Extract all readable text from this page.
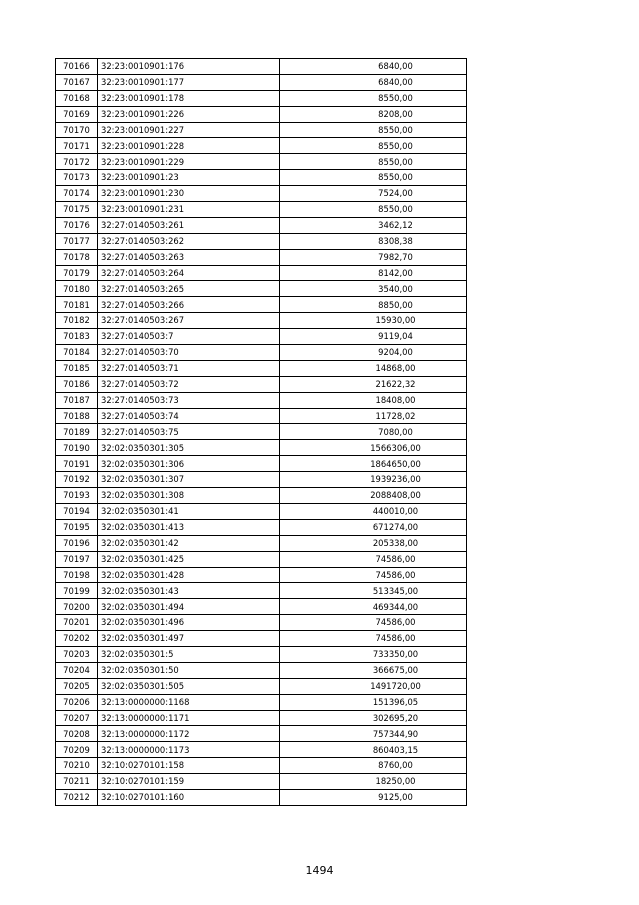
70166	32:23:0010901:176	6840,00
70167	32:23:0010901:177	6840,00
70168	32:23:0010901:178	8550,00
70169	32:23:0010901:226	8208,00
70170	32:23:0010901:227	8550,00
70171	32:23:0010901:228	8550,00
70172	32:23:0010901:229	8550,00
70173	32:23:0010901:23	8550,00
70174	32:23:0010901:230	7524,00
70175	32:23:0010901:231	8550,00
70176	32:27:0140503:261	3462,12
70177	32:27:0140503:262	8308,38
70178	32:27:0140503:263	7982,70
70179	32:27:0140503:264	8142,00
70180	32:27:0140503:265	3540,00
70181	32:27:0140503:266	8850,00
70182	32:27:0140503:267	15930,00
70183	32:27:0140503:7	9119,04
70184	32:27:0140503:70	9204,00
70185	32:27:0140503:71	14868,00
70186	32:27:0140503:72	21622,32
70187	32:27:0140503:73	18408,00
70188	32:27:0140503:74	11728,02
70189	32:27:0140503:75	7080,00
70190	32:02:0350301:305	1566306,00
70191	32:02:0350301:306	1864650,00
70192	32:02:0350301:307	1939236,00
70193	32:02:0350301:308	2088408,00
70194	32:02:0350301:41	440010,00
70195	32:02:0350301:413	671274,00
70196	32:02:0350301:42	205338,00
70197	32:02:0350301:425	74586,00
70198	32:02:0350301:428	74586,00
70199	32:02:0350301:43	513345,00
70200	32:02:0350301:494	469344,00
70201	32:02:0350301:496	74586,00
70202	32:02:0350301:497	74586,00
70203	32:02:0350301:5	733350,00
70204	32:02:0350301:50	366675,00
70205	32:02:0350301:505	1491720,00
70206	32:13:0000000:1168	151396,05
70207	32:13:0000000:1171	302695,20
70208	32:13:0000000:1172	757344,90
70209	32:13:0000000:1173	860403,15
70210	32:10:0270101:158	8760,00
70211	32:10:0270101:159	18250,00
70212	32:10:0270101:160	9125,00
1494
